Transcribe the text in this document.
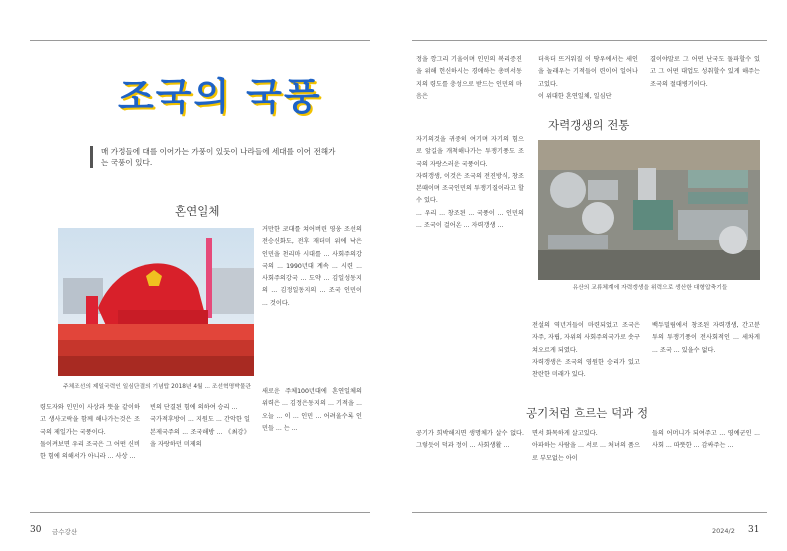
조국의 국풍
매 가정들에 대를 이어가는 가풍이 있듯이 나라들에 세대를 이어 전해가는 국풍이 있다.
혼연일체
주체조선의 제일국력인 일심단결의 기념탑 2018년 4월 ... 조선혁명박물관
거만한 코대를 쳐어버린 영웅 조선의 전승신화도, 전후 재더미 위에 낙은 인민을 천리마 시대를 ... 사회주의강국의 ... 1990년대 계속 ... 시련 ... 사회주의강국 ... 도약 ... 김일성동지의 ... 김정일동지의 ... 조국 인민이 ... 것이다.
새로운 주체100년대에 혼연일체의 위력은 ... 김정은동지의 ... 기적을 ... 오늘 ... 이 ... 인민 ... 어려울수록 인민들 ... 는 ...
령도자와 인민이 사상과 뜻을 같이하고 생사고락을 함께 해나가는것은 조국의 제일가는 국풍이다.
돌이켜보면 우리 조국은 그 어떤 신비한 힘에 의해서가 아니라 ... 사상 ...
빈의 단결된 힘에 의하여 승리 ...
국가적후방이 ... 지원도 ... 간악한 일본제국주의 ... 조국해방 ... 《최강》을 자랑하던 미제의
30 금수강산
정을 깡그리 기울이며 인민의 복리증진을 위해 헌신하시는 경애하는 총비서동지의 령도를 충성으로 받드는 인민의 마음은
더욱더 뜨거워질 이 땅우에서는 세인을 놀래우는 기적들이 련이어 일어나고있다.
이 위대한 혼연일체, 일심단
결이야말로 그 어떤 난국도 돌파할수 있고 그 어떤 대업도 성취할수 있게 해주는 조국의 절대병기이다.
자력갱생의 전통
자기의것을 귀중히 여기며 자기의 힘으로 앞길을 개척해나가는 투쟁기풍도 조국의 자랑스러운 국풍이다.
자력갱생, 이것은 조국의 전진방식, 창조본때이며 조국인민의 투쟁기질이라고 할수 있다.
... 우리 ... 창조된 ... 국풍이 ... 인민의 ... 조국이 걸어온 ... 자력갱생 ...
유산의 교류체계에 자력갱생을 위력으로 생산한 대형압축기들
전설의 역년거들이 마련되었고 조국은 자주, 자립, 자위의 사회주의국가로 솟구쳐오르게 되였다.
자력갱생은 조국의 영원한 승리가 있고 찬란한 미래가 있다.
백두밀림에서 창조된 자력갱생, 간고분투의 투쟁기풍이 전사회적인 ... 세차게 ... 조국 ... 있을수 없다.
공기처럼 흐르는 덕과 정
공기가 희박해지면 생명체가 살수 없다. 그렇듯이 덕과 정이 ... 사회생활 ...
면서 화목하게 살고있다.
아파하는 사람을 ... 서로 ... 처녀의 품으로 부모없는 아이
들의 어머니가 되여주고 ... 영예군인 ... 사회 ... 따뜻한 ... 감싸주는 ...
2024/2 31
